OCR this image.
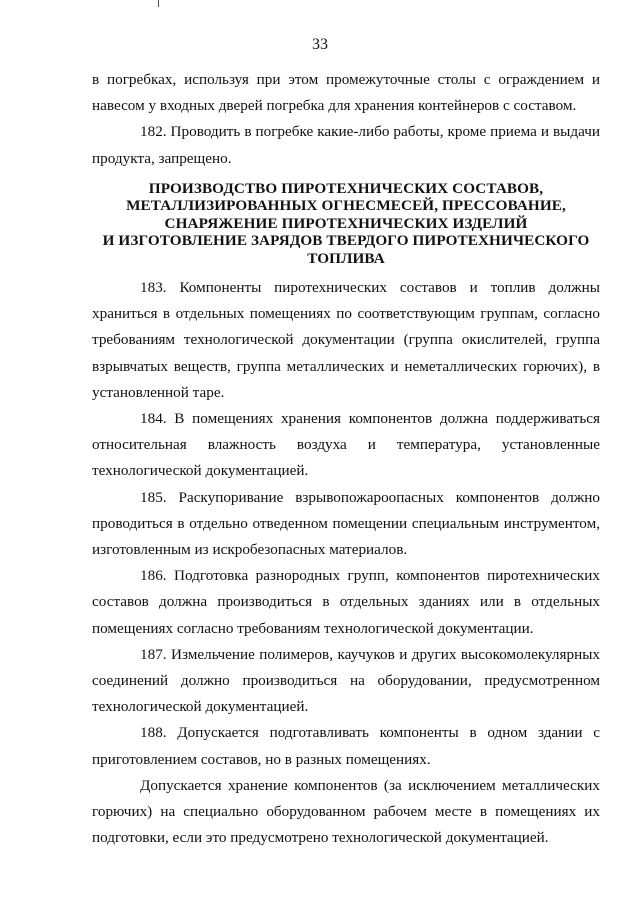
33

в погребках, используя при этом промежуточные столы с ограждением и навесом у входных дверей погребка для хранения контейнеров с составом.

182. Проводить в погребке какие-либо работы, кроме приема и выдачи продукта, запрещено.

ПРОИЗВОДСТВО ПИРОТЕХНИЧЕСКИХ СОСТАВОВ,
МЕТАЛЛИЗИРОВАННЫХ ОГНЕСМЕСЕЙ, ПРЕССОВАНИЕ,
СНАРЯЖЕНИЕ ПИРОТЕХНИЧЕСКИХ ИЗДЕЛИЙ
И ИЗГОТОВЛЕНИЕ ЗАРЯДОВ ТВЕРДОГО ПИРОТЕХНИЧЕСКОГО
ТОПЛИВА

183. Компоненты пиротехнических составов и топлив должны храниться в отдельных помещениях по соответствующим группам, согласно требованиям технологической документации (группа окислителей, группа взрывчатых веществ, группа металлических и неметаллических горючих), в установленной таре.

184. В помещениях хранения компонентов должна поддерживаться относительная влажность воздуха и температура, установленные технологической документацией.

185. Раскупоривание взрывопожароопасных компонентов должно проводиться в отдельно отведенном помещении специальным инструментом, изготовленным из искробезопасных материалов.

186. Подготовка разнородных групп, компонентов пиротехнических составов должна производиться в отдельных зданиях или в отдельных помещениях согласно требованиям технологической документации.

187. Измельчение полимеров, каучуков и других высокомолекулярных соединений должно производиться на оборудовании, предусмотренном технологической документацией.

188. Допускается подготавливать компоненты в одном здании с приготовлением составов, но в разных помещениях.

Допускается хранение компонентов (за исключением металлических горючих) на специально оборудованном рабочем месте в помещениях их подготовки, если это предусмотрено технологической документацией.
